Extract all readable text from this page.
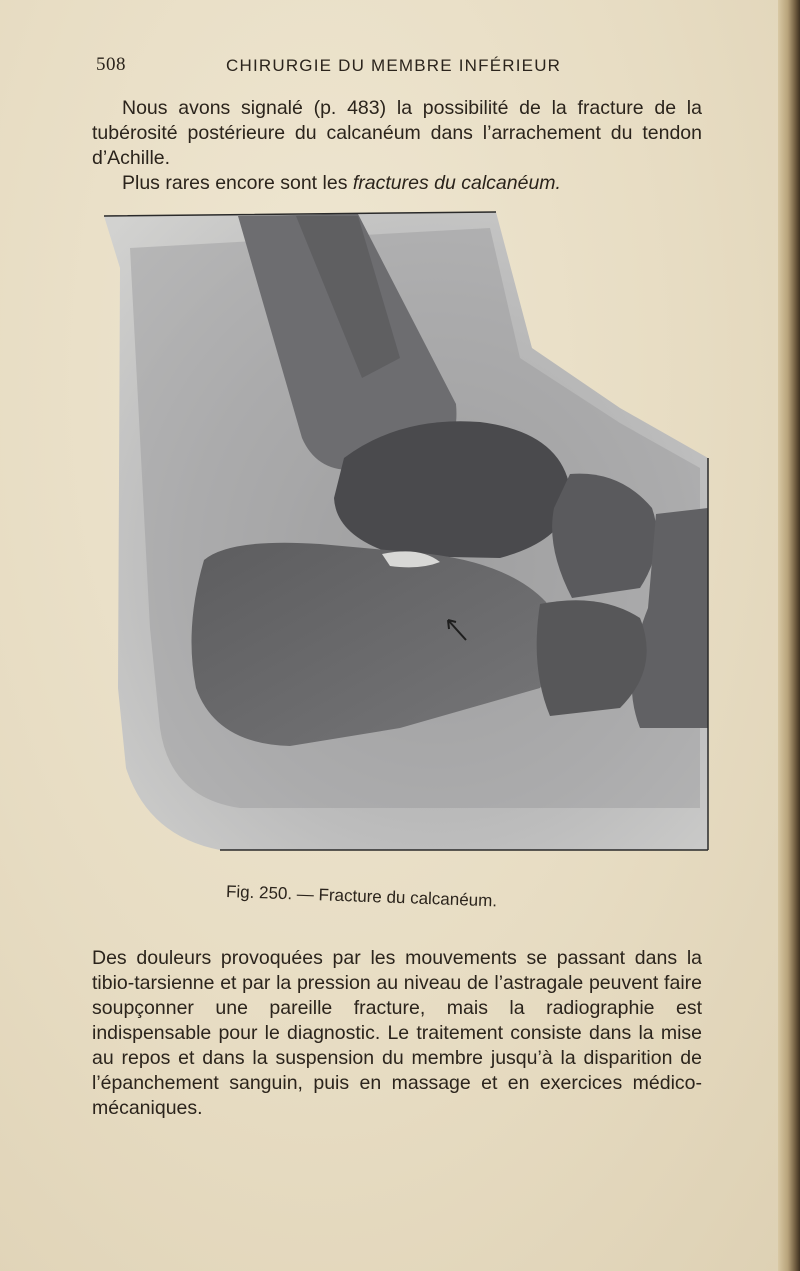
508	CHIRURGIE DU MEMBRE INFÉRIEUR

Nous avons signalé (p. 483) la possibilité de la fracture de la tubérosité postérieure du calcanéum dans l’arrachement du tendon d’Achille.

Plus rares encore sont les fractures du calcanéum.

Fig. 250. — Fracture du calcanéum.

Des douleurs provoquées par les mouvements se passant dans la tibio-tarsienne et par la pression au niveau de l’astragale peuvent faire soupçonner une pareille fracture, mais la radiographie est indispensable pour le diagnostic. Le traitement consiste dans la mise au repos et dans la suspension du membre jusqu’à la disparition de l’épanchement sanguin, puis en massage et en exercices médico-mécaniques.
